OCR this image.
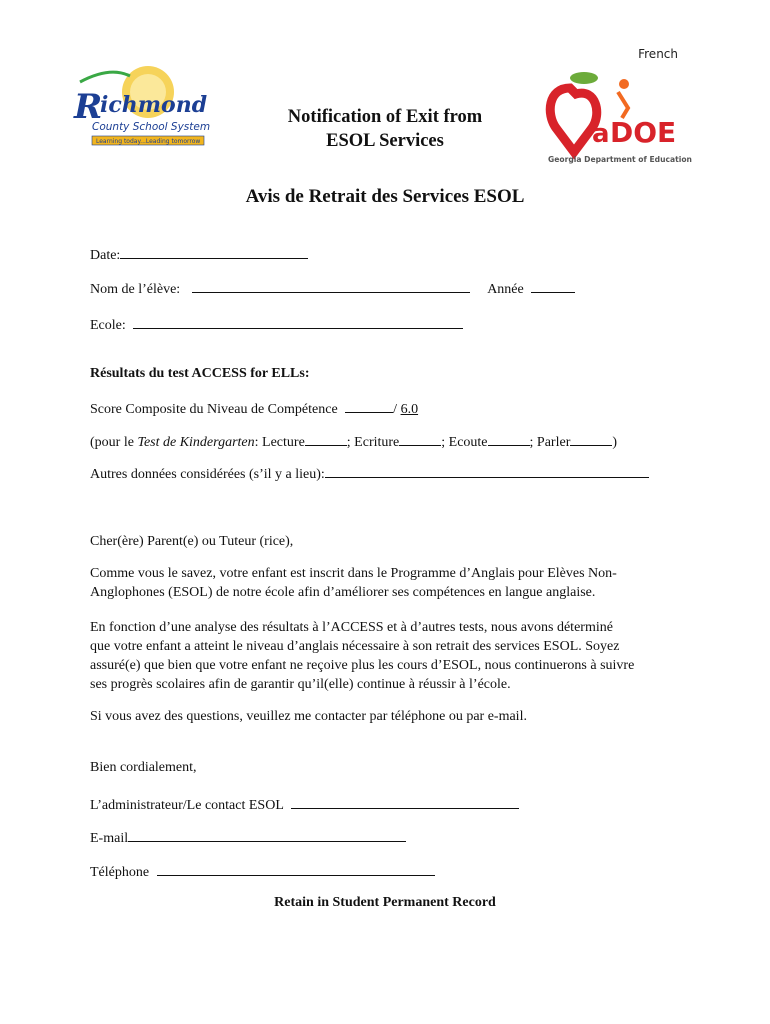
French
R
ichmond
County School System
Learning today...Leading tomorrow	a DOE
Georgia Department of Education
Notification of Exit from
ESOL Services
Avis de Retrait des Services ESOL
Date:
Nom de l’élève:	Année
Ecole:
Résultats du test ACCESS for ELLs:
Score Composite du Niveau de Compétence	/ 6.0
(pour le Test de Kindergarten: Lecture	; Ecriture	; Ecoute	; Parler	)
Autres données considérées (s’il y a lieu):
Cher(ère) Parent(e) ou Tuteur (rice),
Comme vous le savez, votre enfant est inscrit dans le Programme d’Anglais pour Elèves Non-
Anglophones (ESOL) de notre école afin d’améliorer ses compétences en langue anglaise.
En fonction d’une analyse des résultats à l’ACCESS et à d’autres tests, nous avons déterminé
que votre enfant a atteint le niveau d’anglais nécessaire à son retrait des services ESOL. Soyez
assuré(e) que bien que votre enfant ne reçoive plus les cours d’ESOL, nous continuerons à suivre
ses progrès scolaires afin de garantir qu’il(elle) continue à réussir à l’école.
Si vous avez des questions, veuillez me contacter par téléphone ou par e-mail.
Bien cordialement,
L’administrateur/Le contact ESOL
E-mail
Téléphone
Retain in Student Permanent Record
